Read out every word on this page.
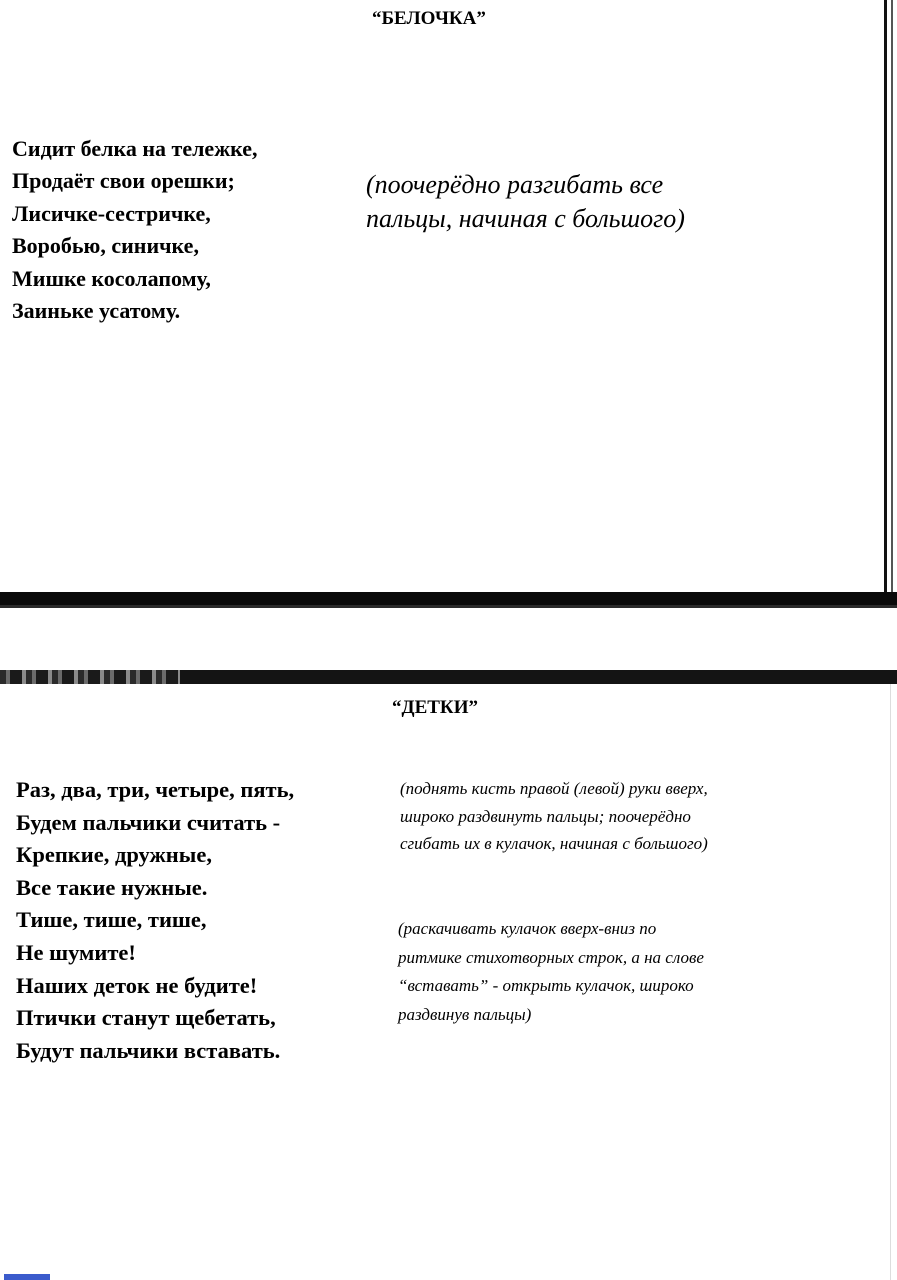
“БЕЛОЧКА”
Сидит белка на тележке,
Продаёт свои орешки;
Лисичке-сестричке,
Воробью, синичке,
Мишке косолапому,
Заиньке усатому.
(поочерёдно разгибать все
пальцы, начиная с большого)
“ДЕТКИ”
Раз, два, три, четыре, пять,
Будем пальчики считать -
Крепкие, дружные,
Все такие нужные.
Тише, тише, тише,
Не шумите!
Наших деток не будите!
Птички станут щебетать,
Будут пальчики вставать.
(поднять кисть правой (левой) руки вверх,
широко раздвинуть пальцы; поочерёдно
сгибать их в кулачок, начиная с большого)
(раскачивать кулачок вверх-вниз по
ритмике стихотворных строк, а на слове
“вставать” - открыть кулачок, широко
раздвинув пальцы)
